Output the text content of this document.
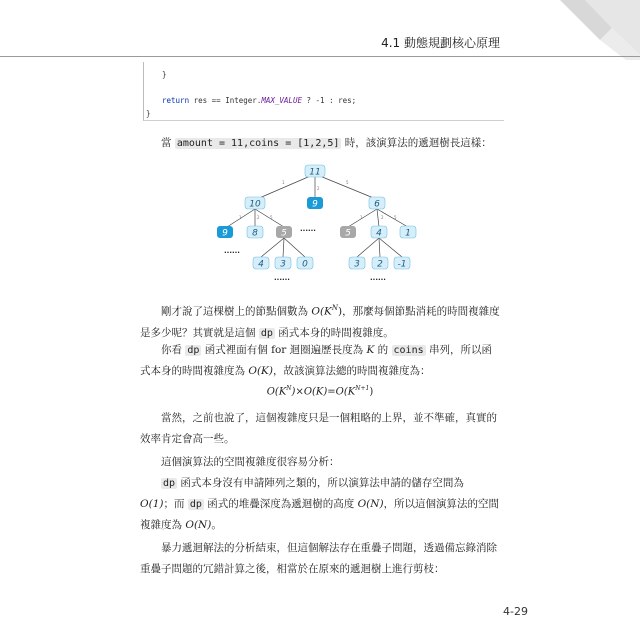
4.1 動態規劃核心原理
}
return res == Integer.MAX_VALUE ? -1 : res;
}
當 amount = 11,coins = [1,2,5] 時，該演算法的遞迴樹長這樣：
1
2
5
1	2	5	1	2	5
11
10	9	6
9	8	5	5	4	1
4 3 0	3 2 -1
......
......
......	......
剛才說了這棵樹上的節點個數為 $O(K^N)$，那麼每個節點消耗的時間複雜度是多少呢？其實就是這個 dp 函式本身的時間複雜度。
你看 dp 函式裡面有個 for 迴圈遍歷長度為 K 的 coins 串列，所以函式本身的時間複雜度為 O(K)，故該演算法總的時間複雜度為：
$O(K^N)\times O(K)=O(K^{N+1})$
當然，之前也說了，這個複雜度只是一個粗略的上界，並不準確，真實的效率肯定會高一些。
這個演算法的空間複雜度很容易分析：
dp 函式本身沒有申請陣列之類的，所以演算法申請的儲存空間為 O(1)；而 dp 函式的堆疊深度為遞迴樹的高度 O(N)，所以這個演算法的空間複雜度為 O(N)。
暴力遞迴解法的分析結束，但這個解法存在重疊子問題，透過備忘錄消除重疊子問題的冗錯計算之後，相當於在原來的遞迴樹上進行剪枝：
4-29
